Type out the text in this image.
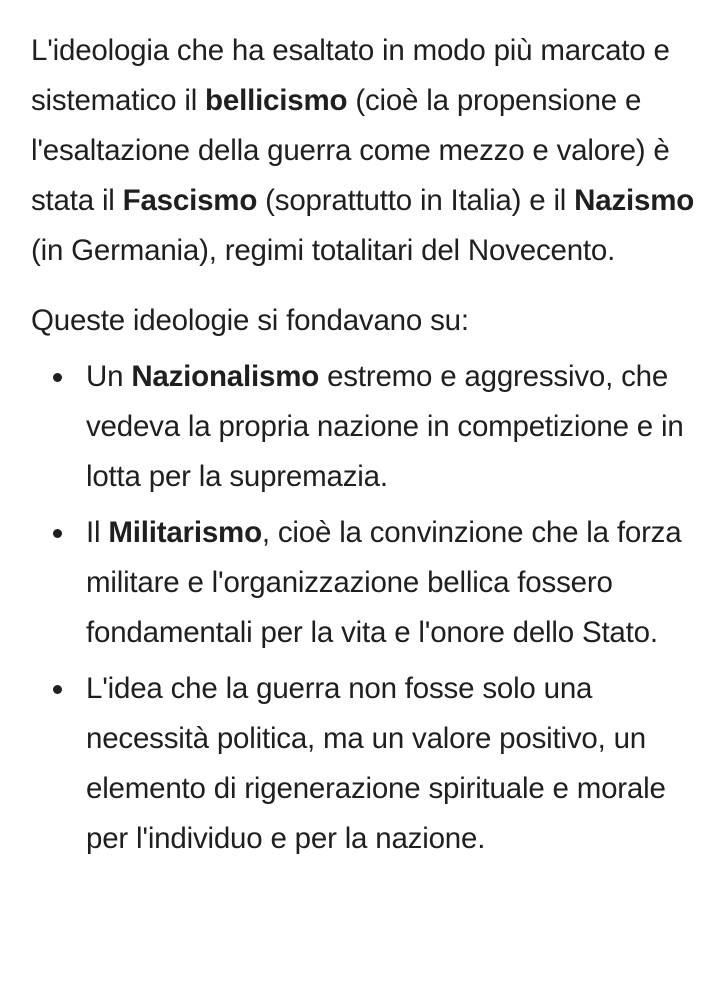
L'ideologia che ha esaltato in modo più marcato e sistematico il bellicismo (cioè la propensione e l'esaltazione della guerra come mezzo e valore) è stata il Fascismo (soprattutto in Italia) e il Nazismo (in Germania), regimi totalitari del Novecento.

Queste ideologie si fondavano su:

Un Nazionalismo estremo e aggressivo, che vedeva la propria nazione in competizione e in lotta per la supremazia.
Il Militarismo, cioè la convinzione che la forza militare e l'organizzazione bellica fossero fondamentali per la vita e l'onore dello Stato.
L'idea che la guerra non fosse solo una necessità politica, ma un valore positivo, un elemento di rigenerazione spirituale e morale per l'individuo e per la nazione.
